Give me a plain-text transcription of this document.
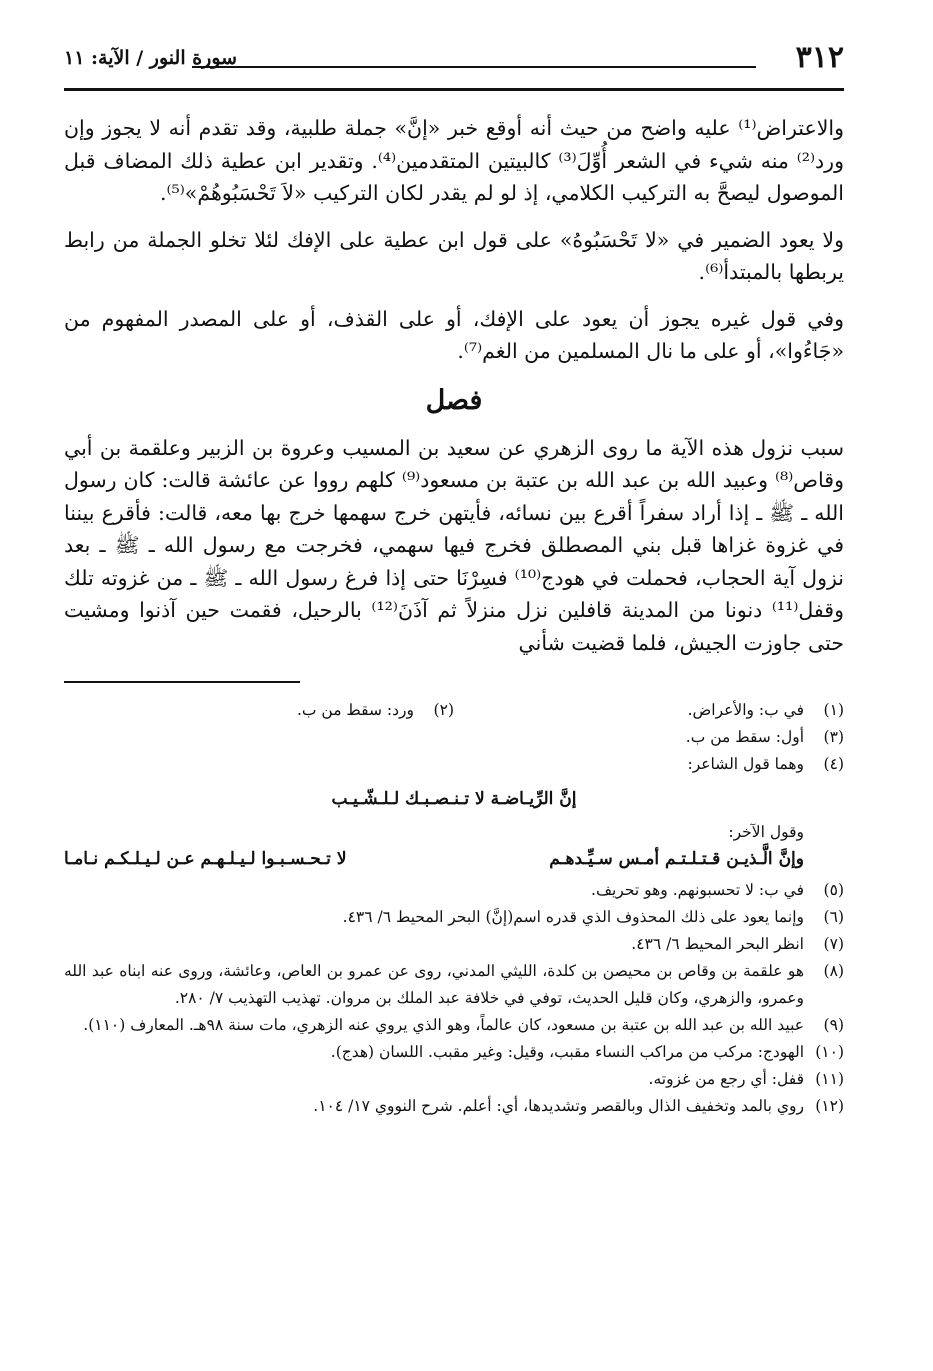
٣١٢
سورة النور / الآية: ١١

والاعتراض⁽¹⁾ عليه واضح من حيث أنه أوقع خبر «إنَّ» جملة طلبية، وقد تقدم أنه لا يجوز وإن ورد⁽²⁾ منه شيء في الشعر أُوِّلَ⁽³⁾ كالبيتين المتقدمين⁽⁴⁾. وتقدير ابن عطية ذلك المضاف قبل الموصول ليصحَّ به التركيب الكلامي، إذ لو لم يقدر لكان التركيب «لاَ تَحْسَبُوهُمْ»⁽⁵⁾.

ولا يعود الضمير في «لا تَحْسَبُوهُ» على قول ابن عطية على الإفك لئلا تخلو الجملة من رابط يربطها بالمبتدأ⁽⁶⁾.

وفي قول غيره يجوز أن يعود على الإفك، أو على القذف، أو على المصدر المفهوم من «جَاءُوا»، أو على ما نال المسلمين من الغم⁽⁷⁾.

فصل

سبب نزول هذه الآية ما روى الزهري عن سعيد بن المسيب وعروة بن الزبير وعلقمة بن أبي وقاص⁽⁸⁾ وعبيد الله بن عبد الله بن عتبة بن مسعود⁽⁹⁾ كلهم رووا عن عائشة قالت: كان رسول الله ـ ﷺ ـ إذا أراد سفراً أقرع بين نسائه، فأيتهن خرج سهمها خرج بها معه، قالت: فأقرع بيننا في غزوة غزاها قبل بني المصطلق فخرج فيها سهمي، فخرجت مع رسول الله ـ ﷺ ـ بعد نزول آية الحجاب، فحملت في هودج⁽¹⁰⁾ فسِرْنَا حتى إذا فرغ رسول الله ـ ﷺ ـ من غزوته تلك وقفل⁽¹¹⁾ دنونا من المدينة قافلين نزل منزلاً ثم آذَنَ⁽¹²⁾ بالرحيل، فقمت حين آذنوا ومشيت حتى جاوزت الجيش، فلما قضيت شأني

(١)
في ب: والأعراض.
(٢)
ورد: سقط من ب.
(٣)
أول: سقط من ب.
(٤)
وهما قول الشاعر:
إنَّ الرِّيـاضـة لا تـنـصـبـك لـلـشّـيـب
وقول الآخر:
وإنَّ الَّـذيـن قـتـلـتـم أمـس سـيِّـدهـم
لا تـحـسـبـوا لـيـلـهـم عـن لـيـلـكـم نـامـا
(٥)
في ب: لا تحسبونهم. وهو تحريف.
(٦)
وإنما يعود على ذلك المحذوف الذي قدره اسم(إنَّ) البحر المحيط ٦/ ٤٣٦.
(٧)
انظر البحر المحيط ٦/ ٤٣٦.
(٨)
هو علقمة بن وقاص بن محيصن بن كلدة، الليثي المدني، روى عن عمرو بن العاص، وعائشة، وروى عنه ابناه عبد الله وعمرو، والزهري، وكان قليل الحديث، توفي في خلافة عبد الملك بن مروان. تهذيب التهذيب ٧/ ٢٨٠.
(٩)
عبيد الله بن عبد الله بن عتبة بن مسعود، كان عالماً، وهو الذي يروي عنه الزهري، مات سنة ٩٨هـ. المعارف (١١٠).
(١٠)
الهودج: مركب من مراكب النساء مقبب، وقيل: وغير مقبب. اللسان (هدج).
(١١)
قفل: أي رجع من غزوته.
(١٢)
روي بالمد وتخفيف الذال وبالقصر وتشديدها، أي: أعلم. شرح النووي ١٧/ ١٠٤.
